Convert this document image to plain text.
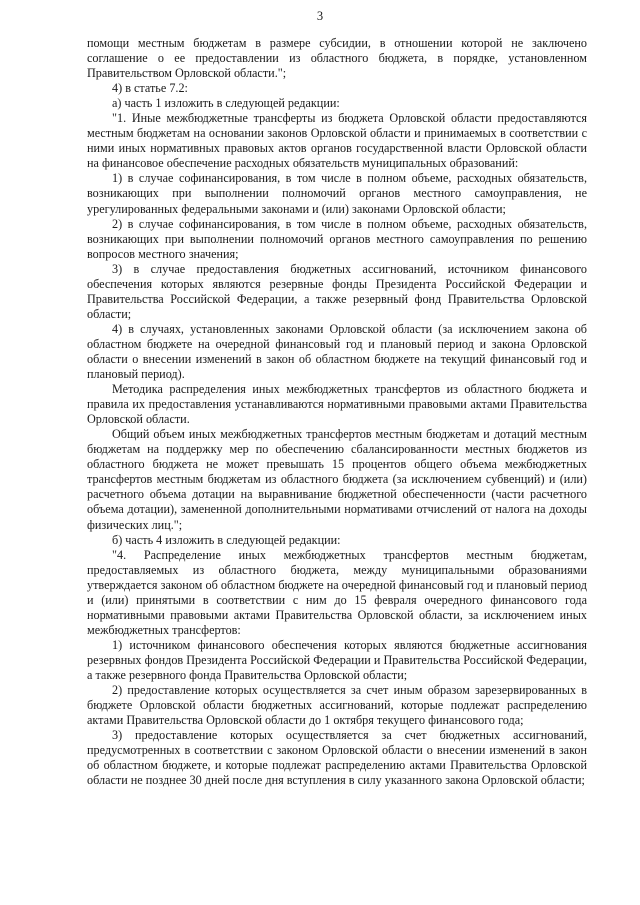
3

помощи местным бюджетам в размере субсидии, в отношении которой не заключено соглашение о ее предоставлении из областного бюджета, в порядке, установленном Правительством Орловской области.";

4) в статье 7.2:

а) часть 1 изложить в следующей редакции:

"1. Иные межбюджетные трансферты из бюджета Орловской области предоставляются местным бюджетам на основании законов Орловской области и принимаемых в соответствии с ними иных нормативных правовых актов органов государственной власти Орловской области на финансовое обеспечение расходных обязательств муниципальных образований:

1) в случае софинансирования, в том числе в полном объеме, расходных обязательств, возникающих при выполнении полномочий органов местного самоуправления, не урегулированных федеральными законами и (или) законами Орловской области;

2) в случае софинансирования, в том числе в полном объеме, расходных обязательств, возникающих при выполнении полномочий органов местного самоуправления по решению вопросов местного значения;

3) в случае предоставления бюджетных ассигнований, источником финансового обеспечения которых являются резервные фонды Президента Российской Федерации и Правительства Российской Федерации, а также резервный фонд Правительства Орловской области;

4) в случаях, установленных законами Орловской области (за исключением закона об областном бюджете на очередной финансовый год и плановый период и закона Орловской области о внесении изменений в закон об областном бюджете на текущий финансовый год и плановый период).

Методика распределения иных межбюджетных трансфертов из областного бюджета и правила их предоставления устанавливаются нормативными правовыми актами Правительства Орловской области.

Общий объем иных межбюджетных трансфертов местным бюджетам и дотаций местным бюджетам на поддержку мер по обеспечению сбалансированности местных бюджетов из областного бюджета не может превышать 15 процентов общего объема межбюджетных трансфертов местным бюджетам из областного бюджета (за исключением субвенций) и (или) расчетного объема дотации на выравнивание бюджетной обеспеченности (части расчетного объема дотации), замененной дополнительными нормативами отчислений от налога на доходы физических лиц.";

б) часть 4 изложить в следующей редакции:

"4. Распределение иных межбюджетных трансфертов местным бюджетам, предоставляемых из областного бюджета, между муниципальными образованиями утверждается законом об областном бюджете на очередной финансовый год и плановый период и (или) принятыми в соответствии с ним до 15 февраля очередного финансового года нормативными правовыми актами Правительства Орловской области, за исключением иных межбюджетных трансфертов:

1) источником финансового обеспечения которых являются бюджетные ассигнования резервных фондов Президента Российской Федерации и Правительства Российской Федерации, а также резервного фонда Правительства Орловской области;

2) предоставление которых осуществляется за счет иным образом зарезервированных в бюджете Орловской области бюджетных ассигнований, которые подлежат распределению актами Правительства Орловской области до 1 октября текущего финансового года;

3) предоставление которых осуществляется за счет бюджетных ассигнований, предусмотренных в соответствии с законом Орловской области о внесении изменений в закон об областном бюджете, и которые подлежат распределению актами Правительства Орловской области не позднее 30 дней после дня вступления в силу указанного закона Орловской области;
